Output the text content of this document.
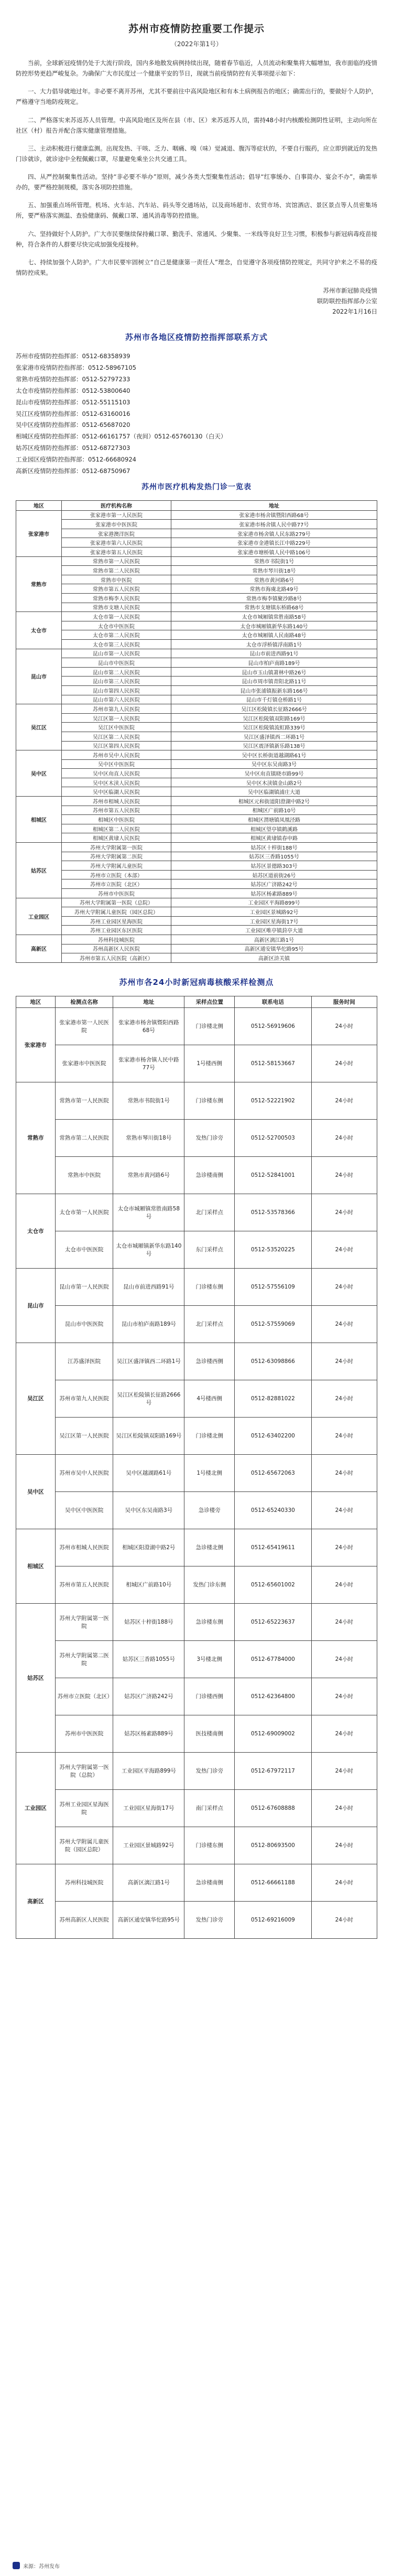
苏州市疫情防控重要工作提示
（2022年第1号）

当前，全球新冠疫情仍处于大流行阶段，国内多地散发病例持续出现，随着春节临近，人员流动和聚集将大幅增加，我市面临的疫情防控形势更趋严峻复杂。为确保广大市民度过一个健康平安的节日，现就当前疫情防控有关事项提示如下：

一、大力倡导就地过年。非必要不离开苏州，尤其不要前往中高风险地区和有本土病例报告的地区；确需出行的，要做好个人防护，严格遵守当地防疫规定。

二、严格落实来苏返苏人员管理。中高风险地区及所在县（市、区）来苏返苏人员，需持48小时内核酸检测阴性证明，主动向所在社区（村）报告并配合落实健康管理措施。

三、主动积极进行健康监测。出现发热、干咳、乏力、咽痛、嗅（味）觉减退、腹泻等症状的，不要自行服药，应立即到就近的发热门诊就诊，就诊途中全程佩戴口罩，尽量避免乘坐公共交通工具。

四、从严控制聚集性活动。坚持“非必要不举办”原则，减少各类大型聚集性活动；倡导“红事缓办、白事简办、宴会不办”，确需举办的，要严格控制规模，落实各项防控措施。

五、加强重点场所管理。机场、火车站、汽车站、码头等交通场站，以及商场超市、农贸市场、宾馆酒店、景区景点等人员密集场所，要严格落实测温、查验健康码、佩戴口罩、通风消毒等防控措施。

六、坚持做好个人防护。广大市民要继续保持戴口罩、勤洗手、常通风、少聚集、一米线等良好卫生习惯，积极参与新冠病毒疫苗接种，符合条件的人群要尽快完成加强免疫接种。

七、持续加强个人防护。广大市民要牢固树立“自己是健康第一责任人”理念，自觉遵守各项疫情防控规定，共同守护来之不易的疫情防控成果。

苏州市新冠肺炎疫情
联防联控指挥部办公室
2022年1月16日
苏州市各地区疫情防控指挥部联系方式
苏州市疫情防控指挥部：0512-68358939
张家港市疫情防控指挥部：0512-58967105
常熟市疫情防控指挥部：0512-52797233
太仓市疫情防控指挥部：0512-53800640
昆山市疫情防控指挥部：0512-55115103
吴江区疫情防控指挥部：0512-63160016
吴中区疫情防控指挥部：0512-65687020
相城区疫情防控指挥部：0512-66161757（夜间）0512-65760130（白天）
姑苏区疫情防控指挥部：0512-68727303
工业园区疫情防控指挥部：0512-66680924
高新区疫情防控指挥部：0512-68750967
苏州市医疗机构发热门诊一览表
地区	医疗机构名称	地址
张家港市	张家港市第一人民医院	张家港市杨舍镇暨阳西路68号
	张家港市中医医院	张家港市杨舍镇人民中路77号
	张家港澳洋医院	张家港市杨舍镇人民东路279号
	张家港市第六人民医院	张家港市金港镇长江中路229号
	张家港市第五人民医院	张家港市塘桥镇人民中路106号
常熟市	常熟市第一人民医院	常熟市书院街1号
	常熟市第二人民医院	常熟市琴川街18号
	常熟市中医院	常熟市黄河路6号
	常熟市第五人民医院	常熟市海虞北路49号
	常熟市梅李人民医院	常熟市梅李镇聚沙路8号
	常熟市支塘人民医院	常熟市支塘镇东桥路68号
太仓市	太仓市第一人民医院	太仓市城厢镇常胜南路58号
	太仓市中医医院	太仓市城厢镇新华东路140号
	太仓市第二人民医院	太仓市城厢镇人民南路48号
	太仓市第三人民医院	太仓市浮桥镇浮南路1号
昆山市	昆山市第一人民医院	昆山市前进西路91号
	昆山市中医医院	昆山市柏庐南路189号
	昆山市第二人民医院	昆山市玉山镇萧林中路26号
	昆山市第三人民医院	昆山市周市镇青阳北路11号
	昆山市第四人民医院	昆山市张浦镇振新东路166号
	昆山市第六人民医院	昆山市千灯镇仓桥路1号
吴江区	苏州市第九人民医院	吴江区松陵镇长征路2666号
	吴江区第一人民医院	吴江区松陵镇双阳路169号
	吴江区中医医院	吴江区松陵镇流虹路339号
	吴江区第二人民医院	吴江区盛泽镇西二环路1号
	吴江区第四人民医院	吴江区震泽镇新乐路138号
吴中区	苏州市吴中人民医院	吴中区长桥街道越湖路61号
	吴中区中医医院	吴中区东吴南路3号
	吴中区甪直人民医院	吴中区甪直镇晓市路99号
	吴中区木渎人民医院	吴中区木渎镇金山路2号
	吴中区临湖人民医院	吴中区临湖镇浦庄大道
相城区	苏州市相城人民医院	相城区元和街道阳澄湖中路2号
	苏州市第五人民医院	相城区广前路10号
	相城区中医医院	相城区渭塘镇凤凰泾路
	相城区第二人民医院	相城区望亭镇鹤溪路
	相城区黄埭人民医院	相城区黄埭镇春申路
姑苏区	苏州大学附属第一医院	姑苏区十梓街188号
	苏州大学附属第二医院	姑苏区三香路1055号
	苏州大学附属儿童医院	姑苏区景德路303号
	苏州市立医院（本部）	姑苏区道前街26号
	苏州市立医院（北区）	姑苏区广济路242号
	苏州市中医医院	姑苏区杨素路889号
工业园区	苏州大学附属第一医院（总院）	工业园区平海路899号
	苏州大学附属儿童医院（园区总院）	工业园区景城路92号
	苏州工业园区星海医院	工业园区星海街17号
	苏州工业园区东区医院	工业园区唯亭镇葑亭大道
高新区	苏州科技城医院	高新区漓江路1号
	苏州高新区人民医院	高新区通安镇华佗路95号
	苏州市第五人民医院（高新区）	高新区浒关镇
苏州市各24小时新冠病毒核酸采样检测点
地区	检测点名称	地址	采样点位置	联系电话	服务时间
张家港市	张家港市第一人民医院	张家港市杨舍镇暨阳西路68号	门诊楼北侧	0512-56919606	24小时
	张家港市中医医院	张家港市杨舍镇人民中路77号	1号楼西侧	0512-58153667	24小时
常熟市	常熟市第一人民医院	常熟市书院街1号	门诊楼东侧	0512-52221902	24小时
	常熟市第二人民医院	常熟市琴川街18号	发热门诊旁	0512-52700503	24小时
	常熟市中医院	常熟市黄河路6号	急诊楼南侧	0512-52841001	24小时
太仓市	太仓市第一人民医院	太仓市城厢镇常胜南路58号	北门采样点	0512-53578366	24小时
	太仓市中医医院	太仓市城厢镇新华东路140号	东门采样点	0512-53520225	24小时
昆山市	昆山市第一人民医院	昆山市前进西路91号	门诊楼东侧	0512-57556109	24小时
	昆山市中医医院	昆山市柏庐南路189号	北门采样点	0512-57559069	24小时
吴江区	江苏盛泽医院	吴江区盛泽镇西二环路1号	急诊楼西侧	0512-63098866	24小时
	苏州市第九人民医院	吴江区松陵镇长征路2666号	4号楼西侧	0512-82881022	24小时
	吴江区第一人民医院	吴江区松陵镇双阳路169号	门诊楼北侧	0512-63402200	24小时
吴中区	苏州市吴中人民医院	吴中区越湖路61号	1号楼北侧	0512-65672063	24小时
	吴中区中医医院	吴中区东吴南路3号	急诊楼旁	0512-65240330	24小时
相城区	苏州市相城人民医院	相城区阳澄湖中路2号	急诊楼北侧	0512-65419611	24小时
	苏州市第五人民医院	相城区广前路10号	发热门诊东侧	0512-65601002	24小时
姑苏区	苏州大学附属第一医院	姑苏区十梓街188号	急诊楼东侧	0512-65223637	24小时
	苏州大学附属第二医院	姑苏区三香路1055号	3号楼北侧	0512-67784000	24小时
	苏州市立医院（北区）	姑苏区广济路242号	门诊楼西侧	0512-62364800	24小时
	苏州市中医医院	姑苏区杨素路889号	医技楼南侧	0512-69009002	24小时
工业园区	苏州大学附属第一医院（总院）	工业园区平海路899号	发热门诊旁	0512-67972117	24小时
	苏州工业园区星海医院	工业园区星海街17号	南门采样点	0512-67608888	24小时
	苏州大学附属儿童医院（园区总院）	工业园区景城路92号	门诊楼东侧	0512-80693500	24小时
高新区	苏州科技城医院	高新区漓江路1号	急诊楼南侧	0512-66661188	24小时
	苏州高新区人民医院	高新区通安镇华佗路95号	发热门诊旁	0512-69216009	24小时
来源：苏州发布
